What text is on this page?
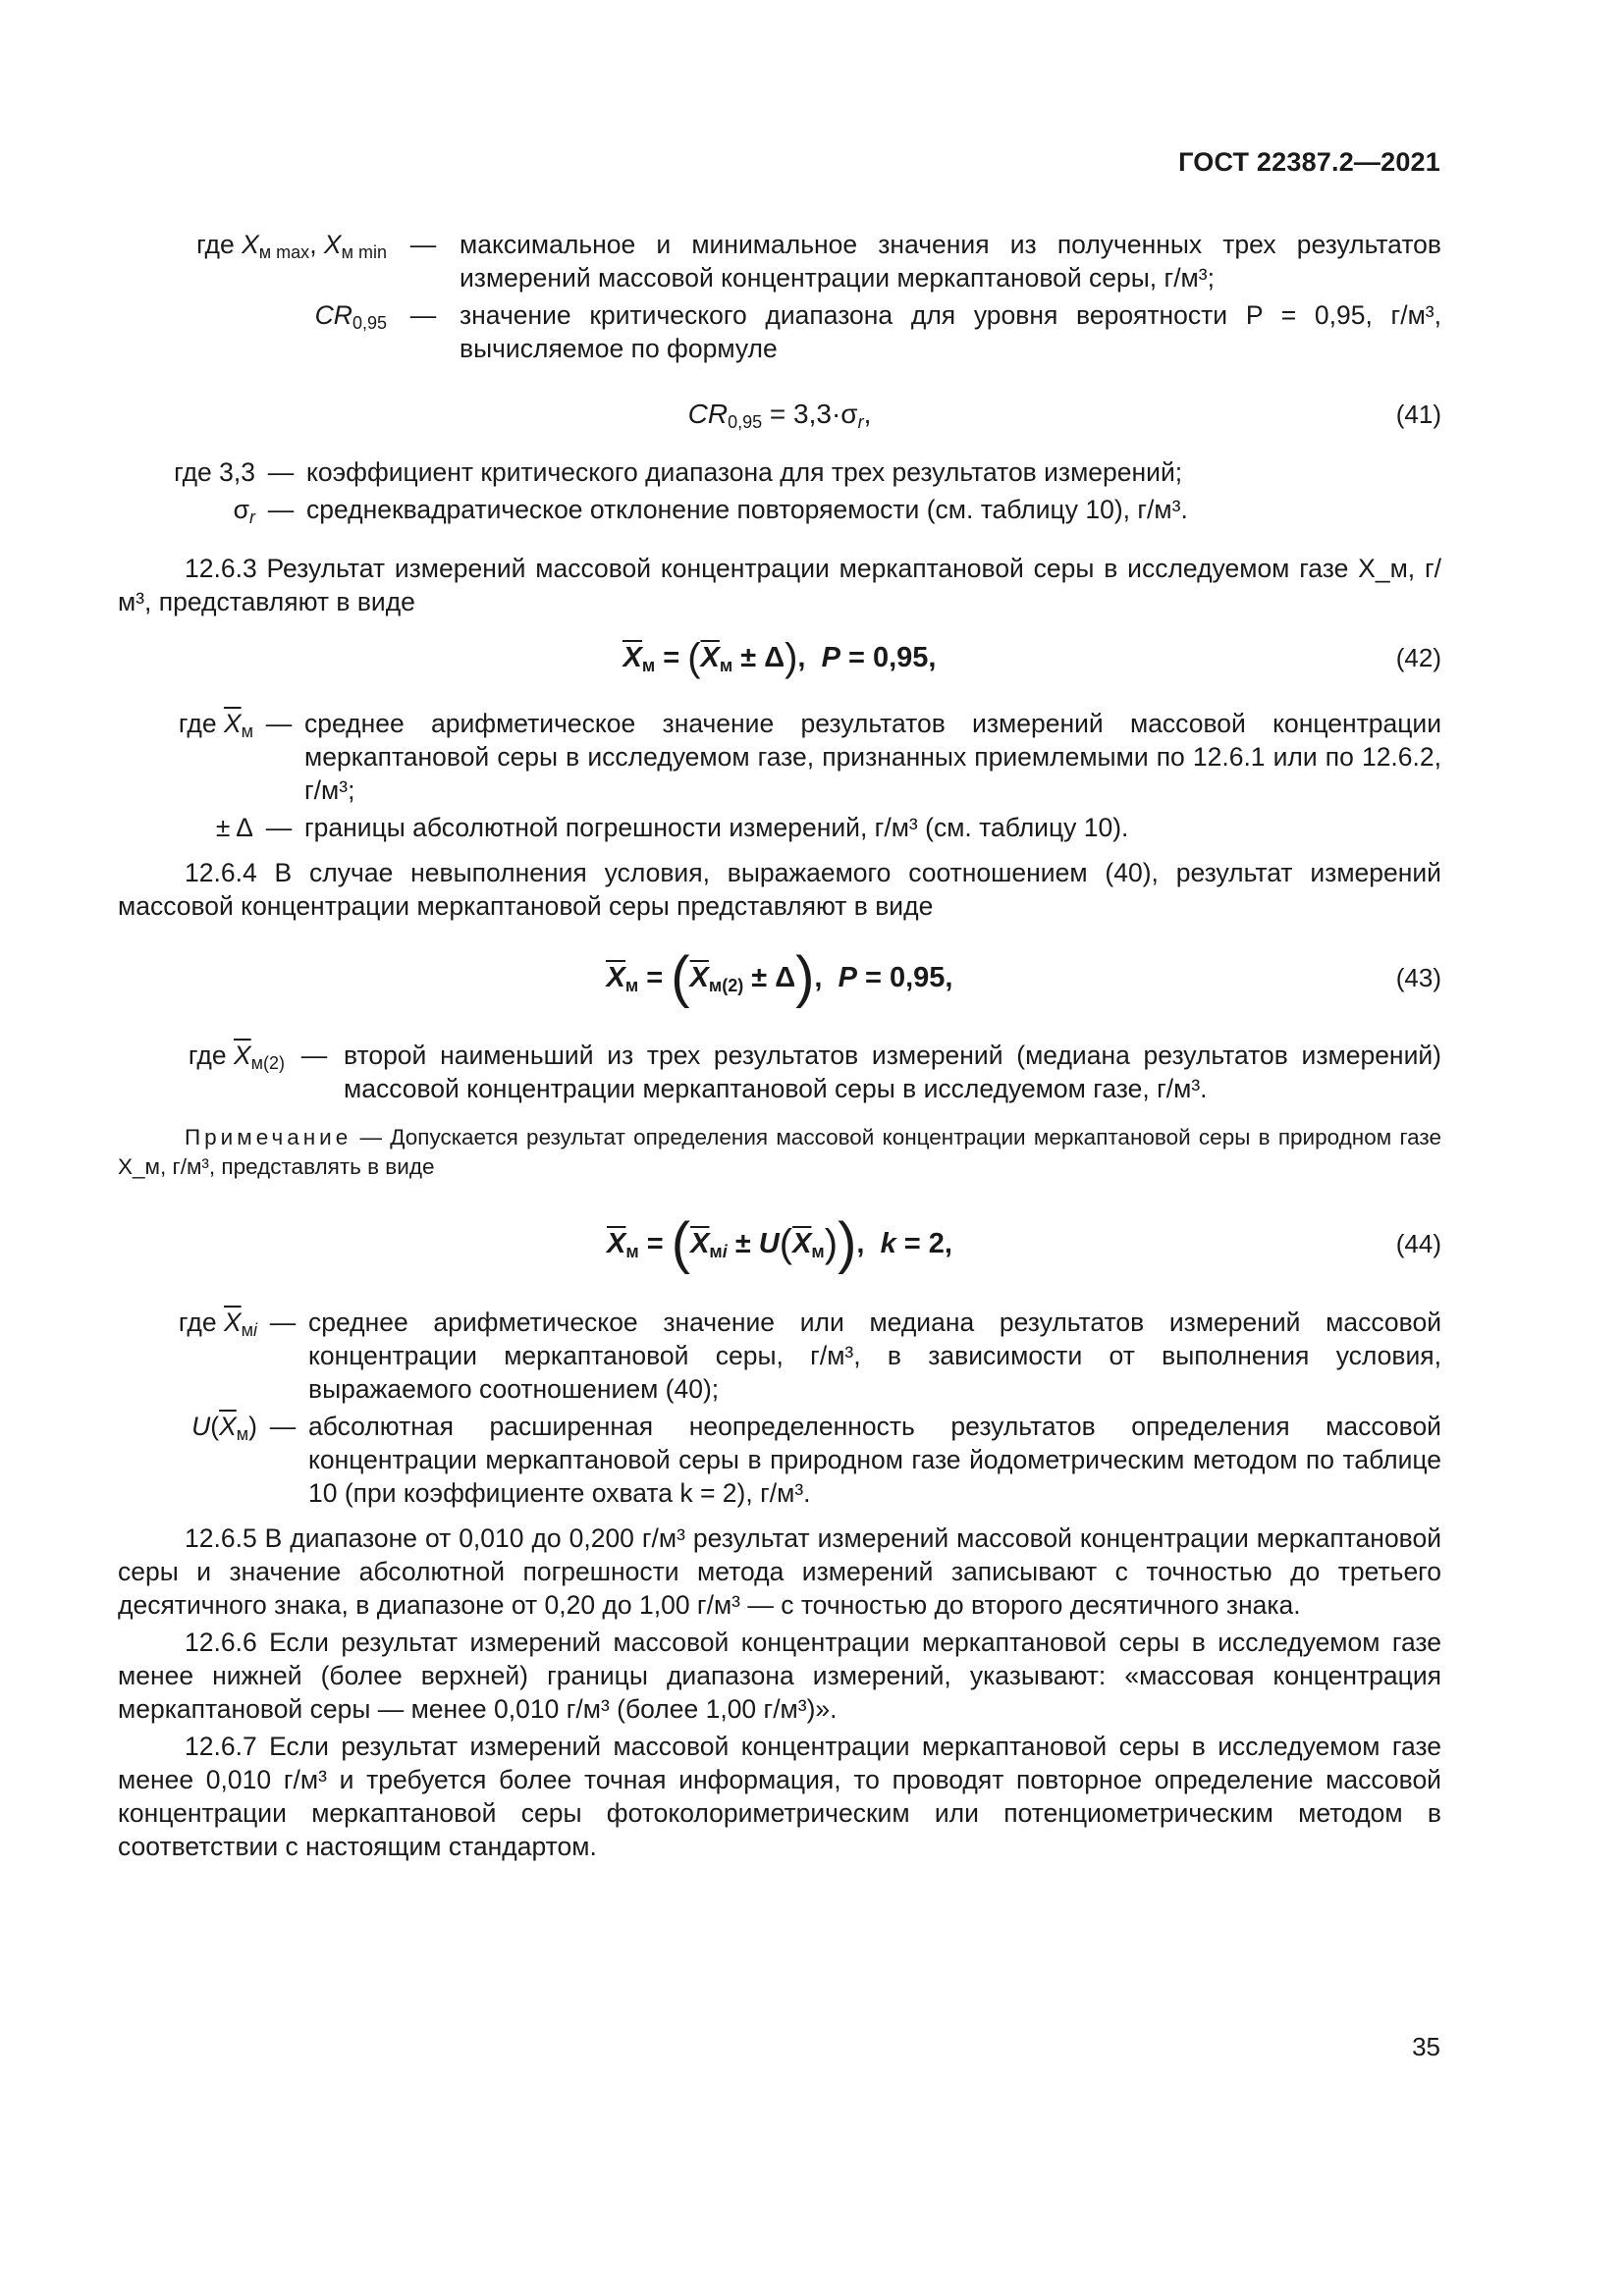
ГОСТ 22387.2—2021
где $X_{м max}$, $X_{м min}$	—	максимальное и минимальное значения из полученных трех результатов измерений массовой концентрации меркаптановой серы, г/м³;
$CR_{0,95}$	—	значение критического диапазона для уровня вероятности P = 0,95, г/м³, вычисляемое по формуле
$CR_{0,95} = 3,3\cdot\sigma_r$,	(41)
где 3,3	—	коэффициент критического диапазона для трех результатов измерений;
$\sigma_r$	—	среднеквадратическое отклонение повторяемости (см. таблицу 10), г/м³.

12.6.3 Результат измерений массовой концентрации меркаптановой серы в исследуемом газе X_м, г/м³, представляют в виде

$\overline{X}_м = (\overline{X}_м \pm \Delta)$,  P = 0,95,	(42)
где $\overline{X}_м$	—	среднее арифметическое значение результатов измерений массовой концентрации меркаптановой серы в исследуемом газе, признанных приемлемыми по 12.6.1 или по 12.6.2, г/м³;
± Δ	—	границы абсолютной погрешности измерений, г/м³ (см. таблицу 10).

12.6.4 В случае невыполнения условия, выражаемого соотношением (40), результат измерений массовой концентрации меркаптановой серы представляют в виде

$\overline{X}_м = (\overline{X}_{м(2)} \pm \Delta)$,  P = 0,95,	(43)
где $\overline{X}_{м(2)}$	—	второй наименьший из трех результатов измерений (медиана результатов измерений) массовой концентрации меркаптановой серы в исследуемом газе, г/м³.

Примечание — Допускается результат определения массовой концентрации меркаптановой серы в природном газе X_м, г/м³, представлять в виде

$\overline{X}_м = (\overline{X}_{мi} \pm U(\overline{X}_м))$,  k = 2,	(44)
где $\overline{X}_{мi}$	—	среднее арифметическое значение или медиана результатов измерений массовой концентрации меркаптановой серы, г/м³, в зависимости от выполнения условия, выражаемого соотношением (40);
$U(\overline{X}_м)$	—	абсолютная расширенная неопределенность результатов определения массовой концентрации меркаптановой серы в природном газе йодометрическим методом по таблице 10 (при коэффициенте охвата k = 2), г/м³.

12.6.5 В диапазоне от 0,010 до 0,200 г/м³ результат измерений массовой концентрации меркаптановой серы и значение абсолютной погрешности метода измерений записывают с точностью до третьего десятичного знака, в диапазоне от 0,20 до 1,00 г/м³ — с точностью до второго десятичного знака.

12.6.6 Если результат измерений массовой концентрации меркаптановой серы в исследуемом газе менее нижней (более верхней) границы диапазона измерений, указывают: «массовая концентрация меркаптановой серы — менее 0,010 г/м³ (более 1,00 г/м³)».

12.6.7 Если результат измерений массовой концентрации меркаптановой серы в исследуемом газе менее 0,010 г/м³ и требуется более точная информация, то проводят повторное определение массовой концентрации меркаптановой серы фотоколориметрическим или потенциометрическим методом в соответствии с настоящим стандартом.

35
